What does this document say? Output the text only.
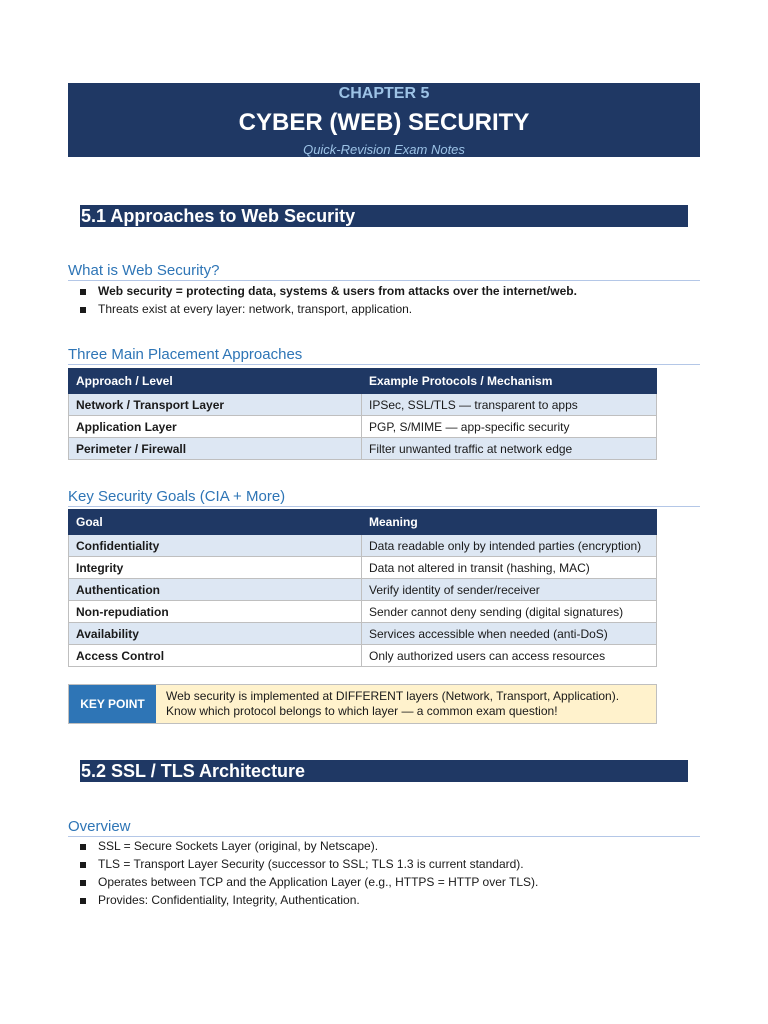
CHAPTER 5
CYBER (WEB) SECURITY
Quick-Revision Exam Notes
5.1 Approaches to Web Security
What is Web Security?
Web security = protecting data, systems & users from attacks over the internet/web.
Threats exist at every layer: network, transport, application.
Three Main Placement Approaches
Approach / Level	Example Protocols / Mechanism
Network / Transport Layer	IPSec, SSL/TLS — transparent to apps
Application Layer	PGP, S/MIME — app-specific security
Perimeter / Firewall	Filter unwanted traffic at network edge
Key Security Goals (CIA + More)
Goal	Meaning
Confidentiality	Data readable only by intended parties (encryption)
Integrity	Data not altered in transit (hashing, MAC)
Authentication	Verify identity of sender/receiver
Non-repudiation	Sender cannot deny sending (digital signatures)
Availability	Services accessible when needed (anti-DoS)
Access Control	Only authorized users can access resources
KEY POINT
Web security is implemented at DIFFERENT layers (Network, Transport, Application).
Know which protocol belongs to which layer — a common exam question!
5.2 SSL / TLS Architecture
Overview
SSL = Secure Sockets Layer (original, by Netscape).
TLS = Transport Layer Security (successor to SSL; TLS 1.3 is current standard).
Operates between TCP and the Application Layer (e.g., HTTPS = HTTP over TLS).
Provides: Confidentiality, Integrity, Authentication.
